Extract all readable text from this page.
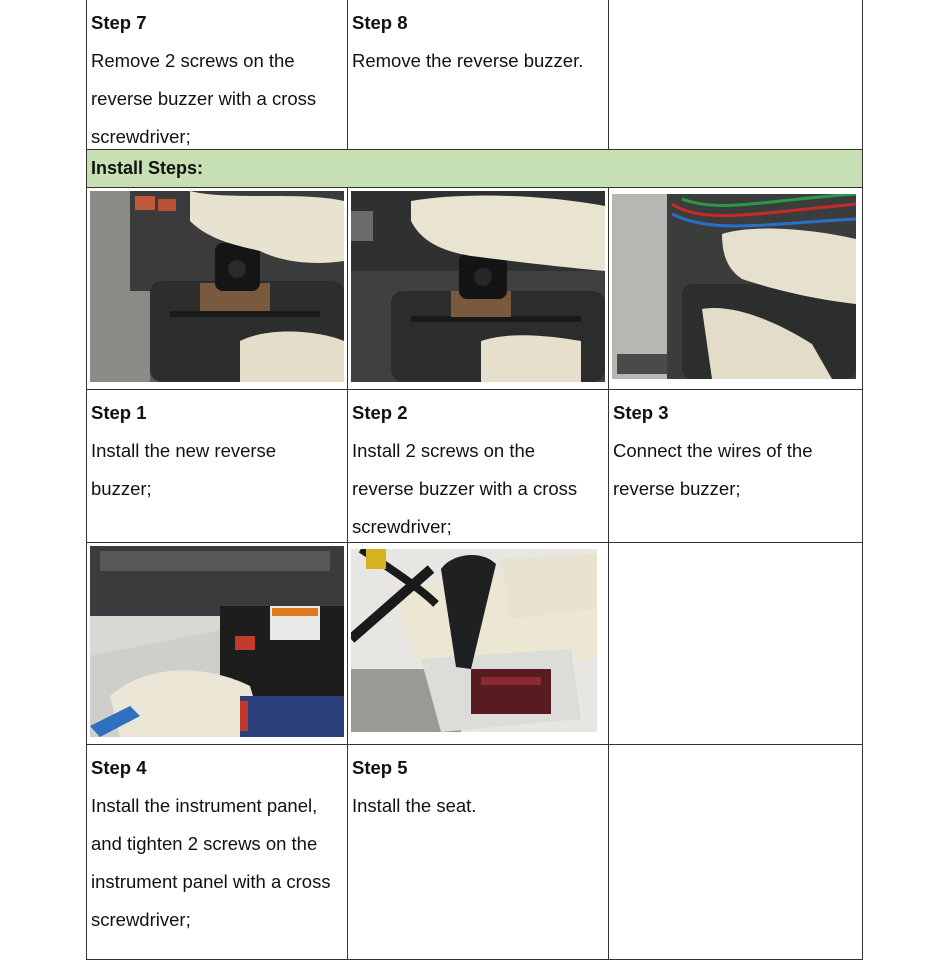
Step 7
Remove 2 screws on the
reverse buzzer with a cross
screwdriver;
Step 8
Remove the reverse buzzer.
Install Steps:
Step 1
Install the new reverse
buzzer;
Step 2
Install 2 screws on the
reverse buzzer with a cross
screwdriver;
Step 3
Connect the wires of the
reverse buzzer;
Step 4
Install the instrument panel,
and tighten 2 screws on the
instrument panel with a cross
screwdriver;
Step 5
Install the seat.
